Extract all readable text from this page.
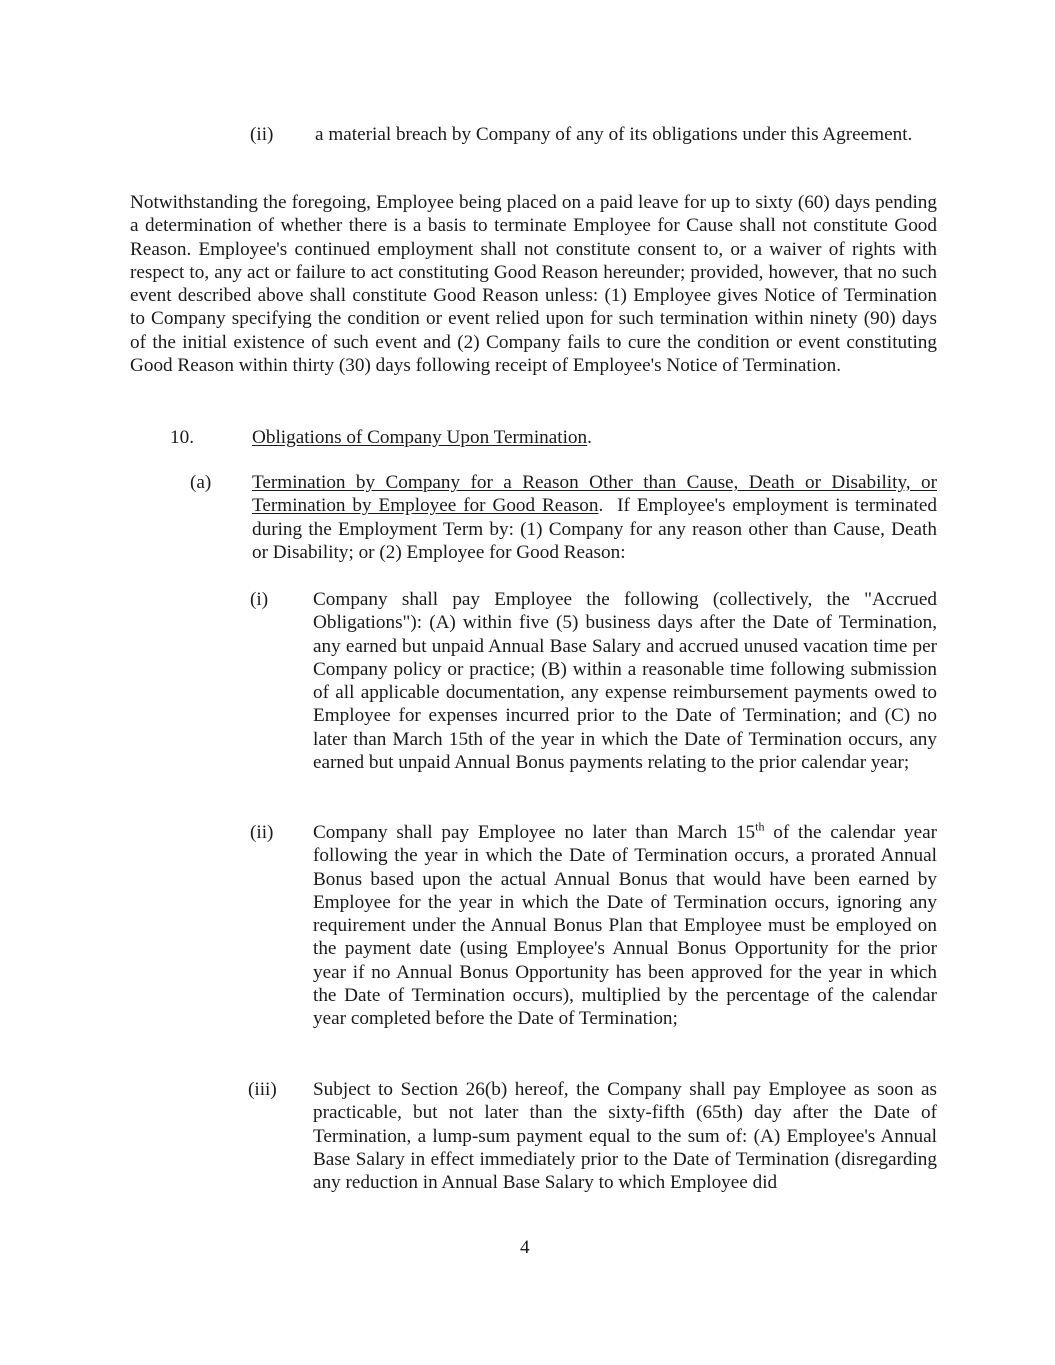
(ii) a material breach by Company of any of its obligations under this Agreement.
Notwithstanding the foregoing, Employee being placed on a paid leave for up to sixty (60) days pending a determination of whether there is a basis to terminate Employee for Cause shall not constitute Good Reason. Employee's continued employment shall not constitute consent to, or a waiver of rights with respect to, any act or failure to act constituting Good Reason hereunder; provided, however, that no such event described above shall constitute Good Reason unless: (1) Employee gives Notice of Termination to Company specifying the condition or event relied upon for such termination within ninety (90) days of the initial existence of such event and (2) Company fails to cure the condition or event constituting Good Reason within thirty (30) days following receipt of Employee's Notice of Termination.
10.	Obligations of Company Upon Termination.
(a) Termination by Company for a Reason Other than Cause, Death or Disability, or Termination by Employee for Good Reason.  If Employee's employment is terminated during the Employment Term by: (1) Company for any reason other than Cause, Death or Disability; or (2) Employee for Good Reason:
(i) Company shall pay Employee the following (collectively, the "Accrued Obligations"): (A) within five (5) business days after the Date of Termination, any earned but unpaid Annual Base Salary and accrued unused vacation time per Company policy or practice; (B) within a reasonable time following submission of all applicable documentation, any expense reimbursement payments owed to Employee for expenses incurred prior to the Date of Termination; and (C) no later than March 15th of the year in which the Date of Termination occurs, any earned but unpaid Annual Bonus payments relating to the prior calendar year;
(ii) Company shall pay Employee no later than March 15th of the calendar year following the year in which the Date of Termination occurs, a prorated Annual Bonus based upon the actual Annual Bonus that would have been earned by Employee for the year in which the Date of Termination occurs, ignoring any requirement under the Annual Bonus Plan that Employee must be employed on the payment date (using Employee's Annual Bonus Opportunity for the prior year if no Annual Bonus Opportunity has been approved for the year in which the Date of Termination occurs), multiplied by the percentage of the calendar year completed before the Date of Termination;
(iii) Subject to Section 26(b) hereof, the Company shall pay Employee as soon as practicable, but not later than the sixty-fifth (65th) day after the Date of Termination, a lump-sum payment equal to the sum of: (A) Employee's Annual Base Salary in effect immediately prior to the Date of Termination (disregarding any reduction in Annual Base Salary to which Employee did
4
